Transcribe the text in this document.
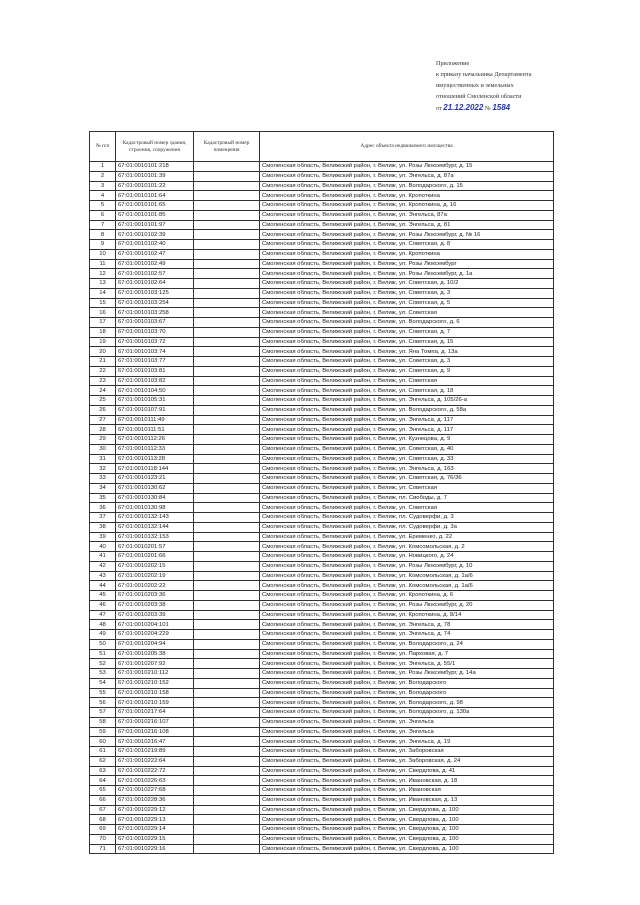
Приложение
к приказу начальника Департамента
имущественных и земельных
отношений Смоленской области
от 21.12.2022 № 1584
№ п/п	Кадастровый номер здания, строения, сооружения	Кадастровый номер помещения	Адрес объекта недвижимого имущества
1	67:01:0010101:218		Смоленская область, Велижский район, г. Велиж, ул. Розы Люксембург, д. 15
2	67:01:0010101:39		Смоленская область, Велижский район, г. Велиж, ул. Энгельса, д. 87а
3	67:01:0010101:22		Смоленская область, Велижский район, г. Велиж, ул. Володарского, д. 15
4	67:01:0010101:64		Смоленская область, Велижский район, г. Велиж, ул. Кропоткина
5	67:01:0010101:65		Смоленская область, Велижский район, г. Велиж, ул. Кропоткина, д. 16
6	67:01:0010101:85		Смоленская область, Велижский район, г. Велиж, ул. Энгельса, 87а
7	67:01:0010101:97		Смоленская область, Велижский район, г. Велиж, ул. Энгельса, д. 81
8	67:01:0010102:39		Смоленская область, Велижский район, г. Велиж, ул. Розы Люксембург, д. № 16
9	67:01:0010102:40		Смоленская область, Велижский район, г. Велиж, ул. Советская, д. 8
10	67:01:0010102:47		Смоленская область, Велижский район, г. Велиж, ул. Кропоткина
11	67:01:0010102:49		Смоленская область, Велижский район, г. Велиж, ул. Розы Люксембург
12	67:01:0010102:57		Смоленская область, Велижский район, г. Велиж, ул. Розы Люксембург, д. 1а
13	67:01:0010102:64		Смоленская область, Велижский район, г. Велиж, ул. Советская, д. 10/2
14	67:01:0010103:125		Смоленская область, Велижский район, г. Велиж, ул. Советская, д. 3
15	67:01:0010103:254		Смоленская область, Велижский район, г. Велиж, ул. Советская, д. 5
16	67:01:0010103:258		Смоленская область, Велижский район, г. Велиж, ул. Советская
17	67:01:0010103:67		Смоленская область, Велижский район, г. Велиж, ул. Володарского, д. 6
18	67:01:0010103:70		Смоленская область, Велижский район, г. Велиж, ул. Советская, д. 7
19	67:01:0010103:72		Смоленская область, Велижский район, г. Велиж, ул. Советская, д. 15
20	67:01:0010103:74		Смоленская область, Велижский район, г. Велиж, ул. Яна Томпа, д. 13а
21	67:01:0010103:77		Смоленская область, Велижский район, г. Велиж, ул. Советская, д. 3
22	67:01:0010103:81		Смоленская область, Велижский район, г. Велиж, ул. Советская, д. 9
23	67:01:0010103:82		Смоленская область, Велижский район, г. Велиж, ул. Советская
24	67:01:0010104:50		Смоленская область, Велижский район, г. Велиж, ул. Советская, д. 18
25	67:01:0010105:31		Смоленская область, Велижский район, г. Велиж, ул. Энгельса, д. 105/26-а
26	67:01:0010107:91		Смоленская область, Велижский район, г. Велиж, ул. Володарского, д. 58а
27	67:01:0010111:49		Смоленская область, Велижский район, г. Велиж, ул. Энгельса, д. 117
28	67:01:0010111:51		Смоленская область, Велижский район, г. Велиж, ул. Энгельса, д. 117
29	67:01:0010112:26		Смоленская область, Велижский район, г. Велиж, ул. Кузнецова, д. 9
30	67:01:0010112:33		Смоленская область, Велижский район, г. Велиж, ул. Советская, д. 40
31	67:01:0010113:28		Смоленская область, Велижский район, г. Велиж, ул. Советская, д. 33
32	67:01:0010118:144		Смоленская область, Велижский район, г. Велиж, ул. Энгельса, д. 163
33	67:01:0010123:21		Смоленская область, Велижский район, г. Велиж, ул. Советская, д. 76/36
34	67:01:0010130:62		Смоленская область, Велижский район, г. Велиж, ул. Советская
35	67:01:0010130:84		Смоленская область, Велижский район, г. Велиж, пл. Свободы, д. 7
36	67:01:0010130:98		Смоленская область, Велижский район, г. Велиж, ул. Советская
37	67:01:0010132:143		Смоленская область, Велижский район, г. Велиж, пл. Судоверфи, д. 3
38	67:01:0010132:144		Смоленская область, Велижский район, г. Велиж, пл. Судоверфи, д. 3а
39	67:01:0010132:153		Смоленская область, Велижский район, г. Велиж, ул. Еременко, д. 22
40	67:01:0010201:57		Смоленская область, Велижский район, г. Велиж, ул. Комсомольская, д. 2
41	67:01:0010201:66		Смоленская область, Велижский район, г. Велиж, ул. Новицкого, д. 24
42	67:01:0010202:15		Смоленская область, Велижский район, г. Велиж, ул. Розы Люксембург, д. 10
43	67:01:0010202:19		Смоленская область, Велижский район, г. Велиж, ул. Комсомольская, д. 1а/6
44	67:01:0010202:22		Смоленская область, Велижский район, г. Велиж, ул. Комсомольская, д. 1а/6
45	67:01:0010203:36		Смоленская область, Велижский район, г. Велиж, ул. Кропоткина, д. 6
46	67:01:0010203:38		Смоленская область, Велижский район, г. Велиж, ул. Розы Люксембург, д. 20
47	67:01:0010203:39		Смоленская область, Велижский район, г. Велиж, ул. Кропоткина, д. 8/14
48	67:01:0010204:101		Смоленская область, Велижский район, г. Велиж, ул. Энгельса, д. 78
49	67:01:0010204:229		Смоленская область, Велижский район, г. Велиж, ул. Энгельса, д. 74
50	67:01:0010204:94		Смоленская область, Велижский район, г. Велиж, ул. Володарского, д. 24
51	67:01:0010205:38		Смоленская область, Велижский район, г. Велиж, ул. Парковая, д. 7
52	67:01:0010207:92		Смоленская область, Велижский район, г. Велиж, ул. Энгельса, д. 55/1
53	67:01:0010210:112		Смоленская область, Велижский район, г. Велиж, ул. Розы Люксембург, д. 14а
54	67:01:0010210:152		Смоленская область, Велижский район, г. Велиж, ул. Володарского
55	67:01:0010210:158		Смоленская область, Велижский район, г. Велиж, ул. Володарского
56	67:01:0010210:159		Смоленская область, Велижский район, г. Велиж, ул. Володарского, д. 98
57	67:01:0010217:64		Смоленская область, Велижский район, г. Велиж, ул. Володарского, д. 130а
58	67:01:0010216:107		Смоленская область, Велижский район, г. Велиж, ул. Энгельса
59	67:01:0010216:108		Смоленская область, Велижский район, г. Велиж, ул. Энгельса
60	67:01:0010216:47		Смоленская область, Велижский район, г. Велиж, ул. Энгельса, д. 19
61	67:01:0010219:89		Смоленская область, Велижский район, г. Велиж, ул. Заборовская
62	67:01:0010222:64		Смоленская область, Велижский район, г. Велиж, ул. Заборовская, д. 24
63	67:01:0010222:72		Смоленская область, Велижский район, г. Велиж, ул. Свердлова, д. 41
64	67:01:0010226:63		Смоленская область, Велижский район, г. Велиж, ул. Ивановская, д. 18
65	67:01:0010227:68		Смоленская область, Велижский район, г. Велиж, ул. Ивановская
66	67:01:0010228:36		Смоленская область, Велижский район, г. Велиж, ул. Ивановская, д. 13
67	67:01:0010229:12		Смоленская область, Велижский район, г. Велиж, ул. Свердлова, д. 100
68	67:01:0010229:13		Смоленская область, Велижский район, г. Велиж, ул. Свердлова, д. 100
69	67:01:0010229:14		Смоленская область, Велижский район, г. Велиж, ул. Свердлова, д. 100
70	67:01:0010229:15		Смоленская область, Велижский район, г. Велиж, ул. Свердлова, д. 100
71	67:01:0010229:16		Смоленская область, Велижский район, г. Велиж, ул. Свердлова, д. 100
